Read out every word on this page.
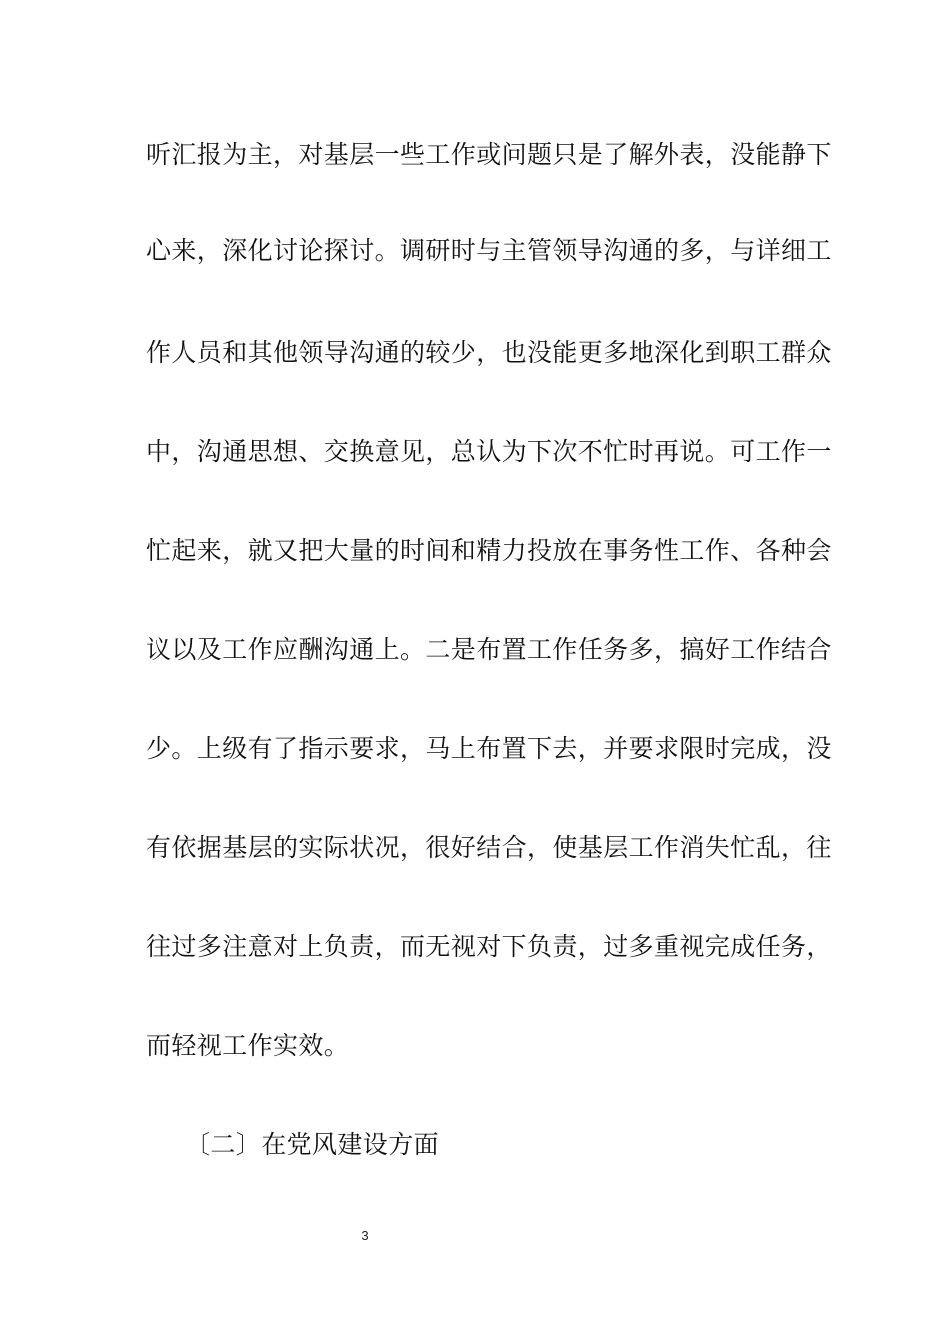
听汇报为主，对基层一些工作或问题只是了解外表，没能静下
心来，深化讨论探讨。调研时与主管领导沟通的多，与详细工
作人员和其他领导沟通的较少，也没能更多地深化到职工群众
中，沟通思想、交换意见，总认为下次不忙时再说。可工作一
忙起来，就又把大量的时间和精力投放在事务性工作、各种会
议以及工作应酬沟通上。二是布置工作任务多，搞好工作结合
少。上级有了指示要求，马上布置下去，并要求限时完成，没
有依据基层的实际状况，很好结合，使基层工作消失忙乱，往
往过多注意对上负责，而无视对下负责，过多重视完成任务，
而轻视工作实效。
〔二〕在党风建设方面
3
